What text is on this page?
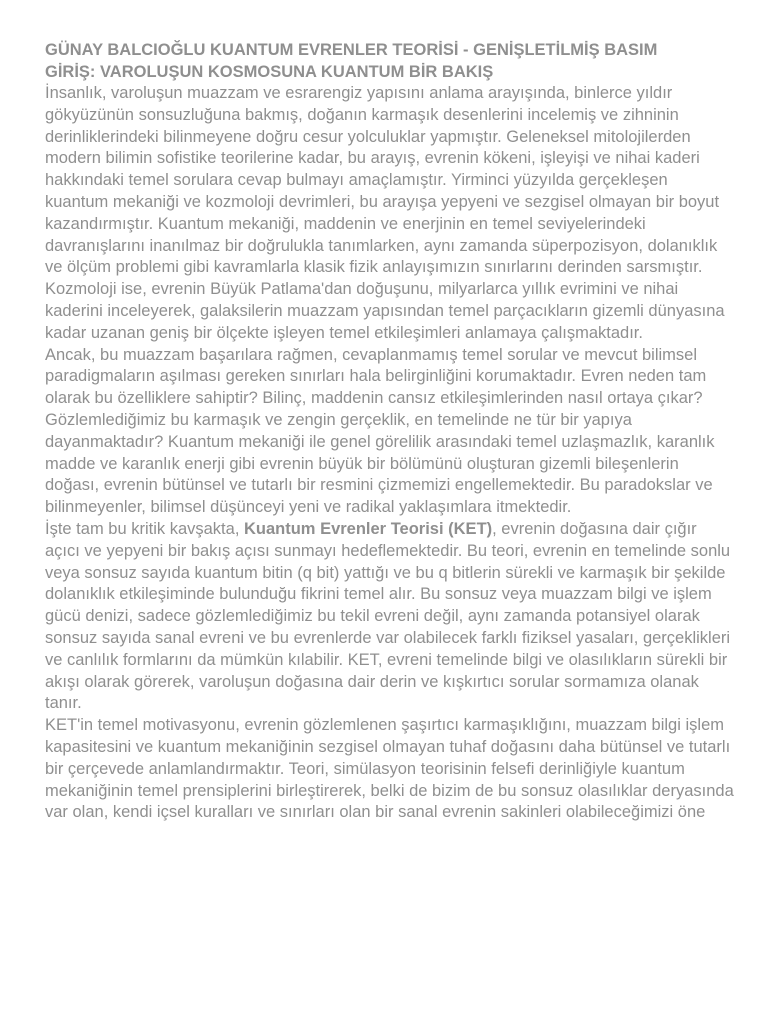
GÜNAY BALCIOĞLU KUANTUM EVRENLER TEORİSİ - GENİŞLETİLMİŞ BASIM
GİRİŞ: VAROLUŞUN KOSMOSUNA KUANTUM BİR BAKIŞ

İnsanlık, varoluşun muazzam ve esrarengiz yapısını anlama arayışında, binlerce yıldır gökyüzünün sonsuzluğuna bakmış, doğanın karmaşık desenlerini incelemiş ve zihninin derinliklerindeki bilinmeyene doğru cesur yolculuklar yapmıştır. Geleneksel mitolojilerden modern bilimin sofistike teorilerine kadar, bu arayış, evrenin kökeni, işleyişi ve nihai kaderi hakkındaki temel sorulara cevap bulmayı amaçlamıştır. Yirminci yüzyılda gerçekleşen kuantum mekaniği ve kozmoloji devrimleri, bu arayışa yepyeni ve sezgisel olmayan bir boyut kazandırmıştır. Kuantum mekaniği, maddenin ve enerjinin en temel seviyelerindeki davranışlarını inanılmaz bir doğrulukla tanımlarken, aynı zamanda süperpozisyon, dolanıklık ve ölçüm problemi gibi kavramlarla klasik fizik anlayışımızın sınırlarını derinden sarsmıştır. Kozmoloji ise, evrenin Büyük Patlama'dan doğuşunu, milyarlarca yıllık evrimini ve nihai kaderini inceleyerek, galaksilerin muazzam yapısından temel parçacıkların gizemli dünyasına kadar uzanan geniş bir ölçekte işleyen temel etkileşimleri anlamaya çalışmaktadır.

Ancak, bu muazzam başarılara rağmen, cevaplanmamış temel sorular ve mevcut bilimsel paradigmaların aşılması gereken sınırları hala belirginliğini korumaktadır. Evren neden tam olarak bu özelliklere sahiptir? Bilinç, maddenin cansız etkileşimlerinden nasıl ortaya çıkar? Gözlemlediğimiz bu karmaşık ve zengin gerçeklik, en temelinde ne tür bir yapıya dayanmaktadır? Kuantum mekaniği ile genel görelilik arasındaki temel uzlaşmazlık, karanlık madde ve karanlık enerji gibi evrenin büyük bir bölümünü oluşturan gizemli bileşenlerin doğası, evrenin bütünsel ve tutarlı bir resmini çizmemizi engellemektedir. Bu paradokslar ve bilinmeyenler, bilimsel düşünceyi yeni ve radikal yaklaşımlara itmektedir.

İşte tam bu kritik kavşakta, Kuantum Evrenler Teorisi (KET), evrenin doğasına dair çığır açıcı ve yepyeni bir bakış açısı sunmayı hedeflemektedir. Bu teori, evrenin en temelinde sonlu veya sonsuz sayıda kuantum bitin (q bit) yattığı ve bu q bitlerin sürekli ve karmaşık bir şekilde dolanıklık etkileşiminde bulunduğu fikrini temel alır. Bu sonsuz veya muazzam bilgi ve işlem gücü denizi, sadece gözlemlediğimiz bu tekil evreni değil, aynı zamanda potansiyel olarak sonsuz sayıda sanal evreni ve bu evrenlerde var olabilecek farklı fiziksel yasaları, gerçeklikleri ve canlılık formlarını da mümkün kılabilir. KET, evreni temelinde bilgi ve olasılıkların sürekli bir akışı olarak görerek, varoluşun doğasına dair derin ve kışkırtıcı sorular sormamıza olanak tanır.

KET'in temel motivasyonu, evrenin gözlemlenen şaşırtıcı karmaşıklığını, muazzam bilgi işlem kapasitesini ve kuantum mekaniğinin sezgisel olmayan tuhaf doğasını daha bütünsel ve tutarlı bir çerçevede anlamlandırmaktır. Teori, simülasyon teorisinin felsefi derinliğiyle kuantum mekaniğinin temel prensiplerini birleştirerek, belki de bizim de bu sonsuz olasılıklar deryasında var olan, kendi içsel kuralları ve sınırları olan bir sanal evrenin sakinleri olabileceğimizi öne
